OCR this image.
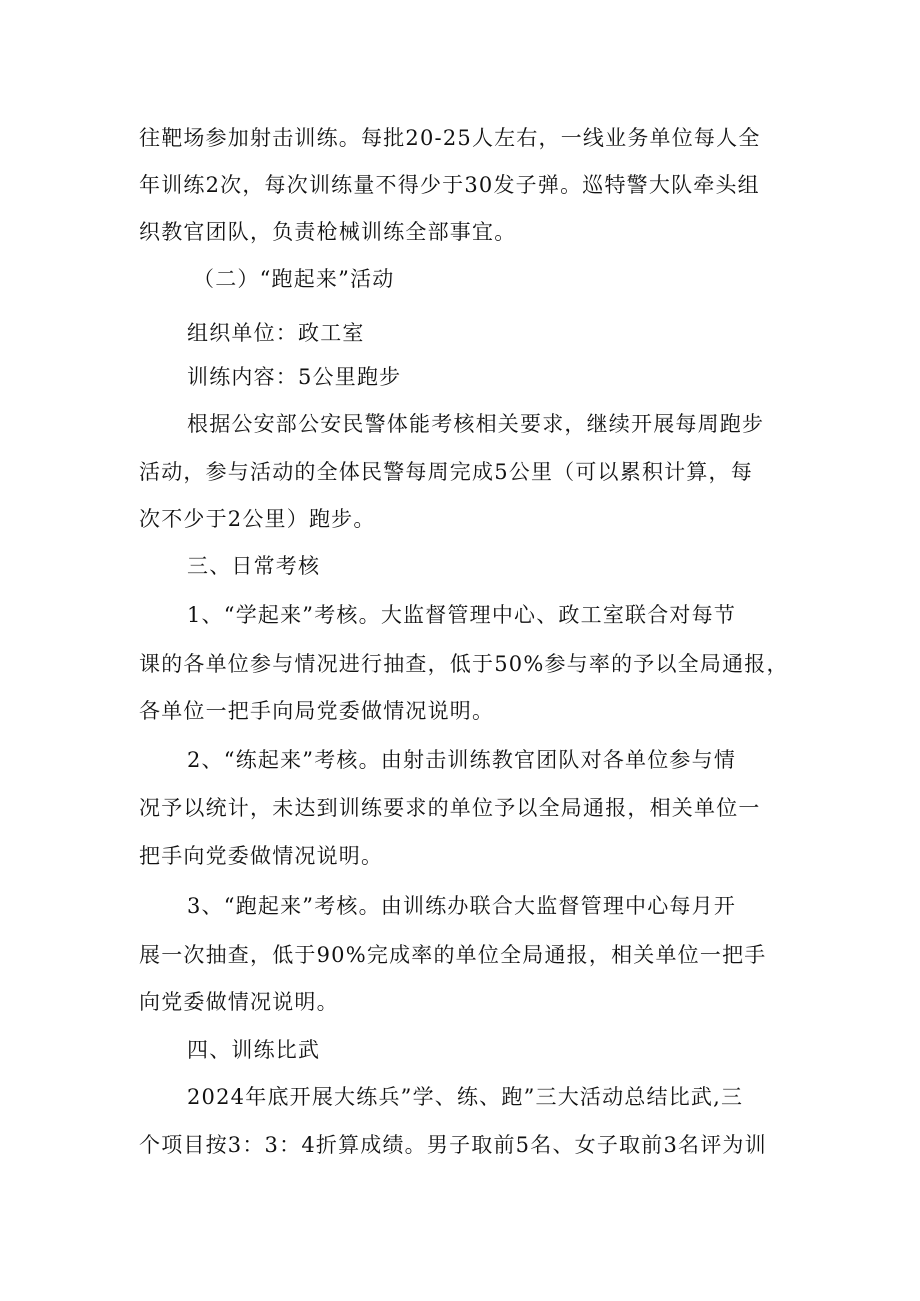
往靶场参加射击训练。每批20-25人左右，一线业务单位每人全
年训练2次，每次训练量不得少于30发子弹。巡特警大队牵头组
织教官团队，负责枪械训练全部事宜。
（二）“跑起来”活动
组织单位：政工室
训练内容：5公里跑步
根据公安部公安民警体能考核相关要求，继续开展每周跑步
活动，参与活动的全体民警每周完成5公里（可以累积计算，每
次不少于2公里）跑步。
三、日常考核
1、“学起来”考核。大监督管理中心、政工室联合对每节
课的各单位参与情况进行抽查，低于50%参与率的予以全局通报，
各单位一把手向局党委做情况说明。
2、“练起来”考核。由射击训练教官团队对各单位参与情
况予以统计，未达到训练要求的单位予以全局通报，相关单位一
把手向党委做情况说明。
3、“跑起来”考核。由训练办联合大监督管理中心每月开
展一次抽查，低于90%完成率的单位全局通报，相关单位一把手
向党委做情况说明。
四、训练比武
2024年底开展大练兵”学、练、跑”三大活动总结比武,三
个项目按3：3：4折算成绩。男子取前5名、女子取前3名评为训
